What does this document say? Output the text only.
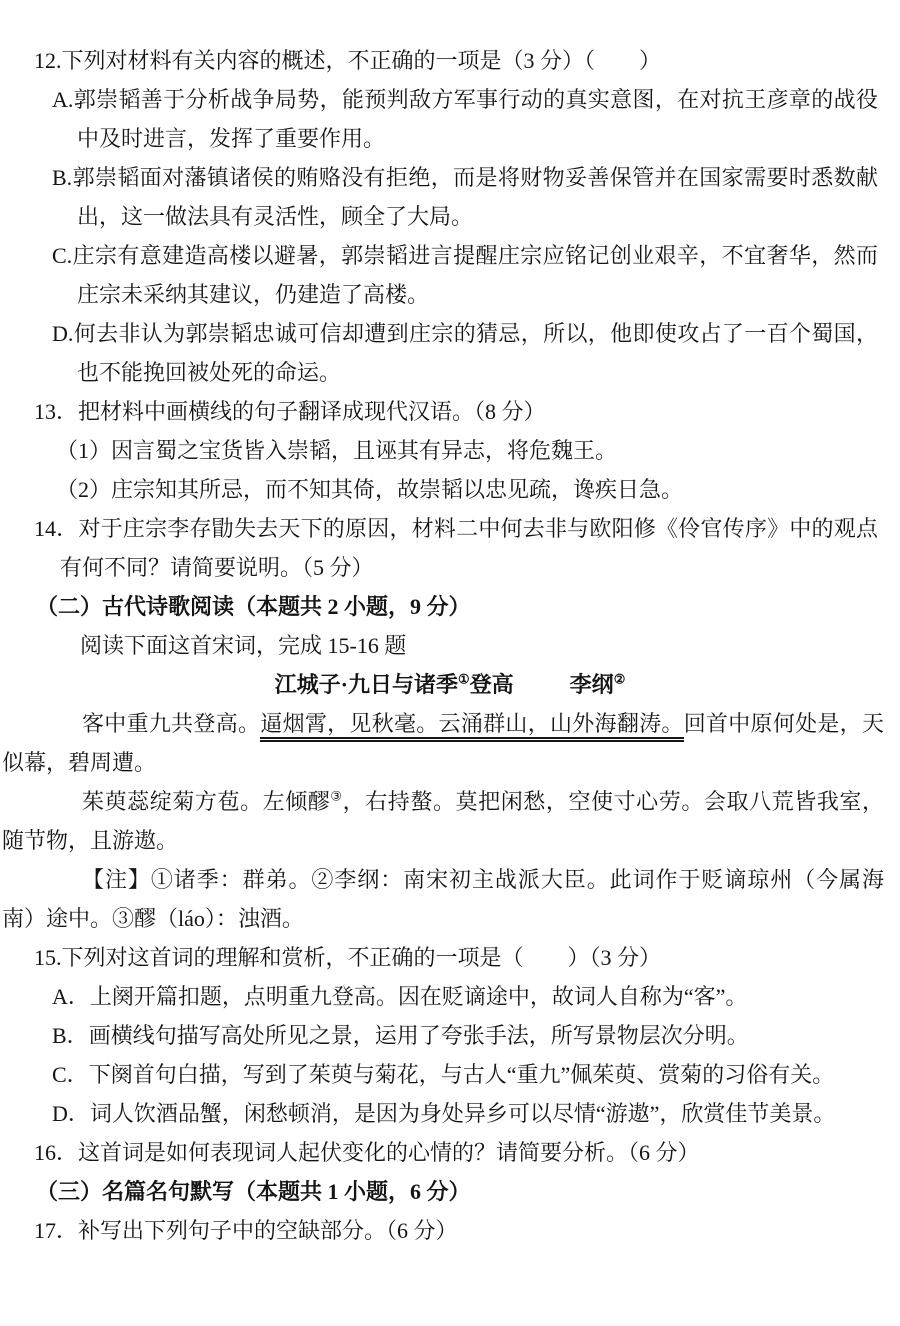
12.下列对材料有关内容的概述，不正确的一项是（3 分）（　　）
A.郭崇韬善于分析战争局势，能预判敌方军事行动的真实意图，在对抗王彦章的战役中及时进言，发挥了重要作用。
B.郭崇韬面对藩镇诸侯的贿赂没有拒绝，而是将财物妥善保管并在国家需要时悉数献出，这一做法具有灵活性，顾全了大局。
C.庄宗有意建造高楼以避暑，郭崇韬进言提醒庄宗应铭记创业艰辛，不宜奢华，然而庄宗未采纳其建议，仍建造了高楼。
D.何去非认为郭崇韬忠诚可信却遭到庄宗的猜忌，所以，他即使攻占了一百个蜀国，也不能挽回被处死的命运。
13．把材料中画横线的句子翻译成现代汉语。（8 分）
（1）因言蜀之宝货皆入崇韬，且诬其有异志，将危魏王。
（2）庄宗知其所忌，而不知其倚，故崇韬以忠见疏，谗疾日急。
14．对于庄宗李存勖失去天下的原因，材料二中何去非与欧阳修《伶官传序》中的观点有何不同？请简要说明。（5 分）
（二）古代诗歌阅读（本题共 2 小题，9 分）
阅读下面这首宋词，完成 15-16 题
江城子·九日与诸季①登高	李纲②
客中重九共登高。逼烟霄，见秋毫。云涌群山，山外海翻涛。回首中原何处是，天似幕，碧周遭。
茱萸蕊绽菊方苞。左倾醪③，右持螯。莫把闲愁，空使寸心劳。会取八荒皆我室，随节物，且游遨。
【注】①诸季：群弟。②李纲：南宋初主战派大臣。此词作于贬谪琼州（今属海南）途中。③醪（láo）：浊酒。
15.下列对这首词的理解和赏析，不正确的一项是（　　）（3 分）
A．上阕开篇扣题，点明重九登高。因在贬谪途中，故词人自称为“客”。
B．画横线句描写高处所见之景，运用了夸张手法，所写景物层次分明。
C．下阕首句白描，写到了茱萸与菊花，与古人“重九”佩茱萸、赏菊的习俗有关。
D．词人饮酒品蟹，闲愁顿消，是因为身处异乡可以尽情“游遨”，欣赏佳节美景。
16．这首词是如何表现词人起伏变化的心情的？请简要分析。（6 分）
（三）名篇名句默写（本题共 1 小题，6 分）
17．补写出下列句子中的空缺部分。（6 分）
